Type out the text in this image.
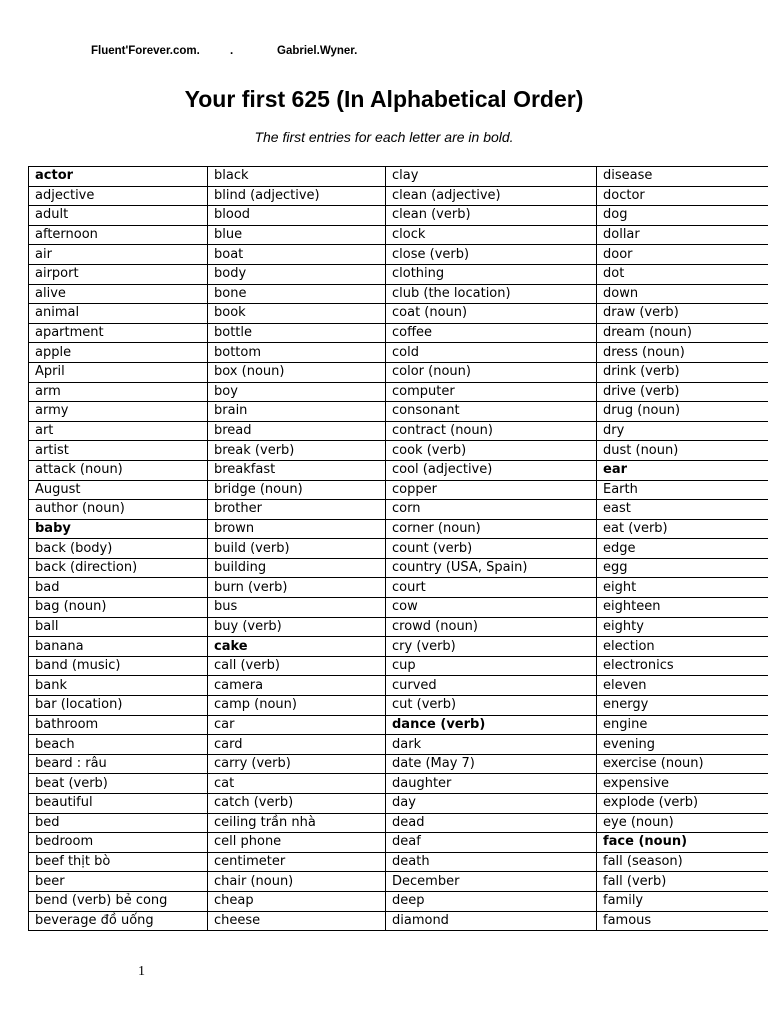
Fluent'Forever.com.

	.

	Gabriel.Wyner.

Your first 625 (In Alphabetical Order)
The first entries for each letter are in bold.
actor	black	clay	disease
adjective	blind (adjective)	clean (adjective)	doctor
adult	blood	clean (verb)	dog
afternoon	blue	clock	dollar
air	boat	close (verb)	door
airport	body	clothing	dot
alive	bone	club (the location)	down
animal	book	coat (noun)	draw (verb)
apartment	bottle	coffee	dream (noun)
apple	bottom	cold	dress (noun)
April	box (noun)	color (noun)	drink (verb)
arm	boy	computer	drive (verb)
army	brain	consonant	drug (noun)
art	bread	contract (noun)	dry
artist	break (verb)	cook (verb)	dust (noun)
attack (noun)	breakfast	cool (adjective)	ear
August	bridge (noun)	copper	Earth
author (noun)	brother	corn	east
baby	brown	corner (noun)	eat (verb)
back (body)	build (verb)	count (verb)	edge
back (direction)	building	country (USA, Spain)	egg
bad	burn (verb)	court	eight
bag (noun)	bus	cow	eighteen
ball	buy (verb)	crowd (noun)	eighty
banana	cake	cry (verb)	election
band (music)	call (verb)	cup	electronics
bank	camera	curved	eleven
bar (location)	camp (noun)	cut (verb)	energy
bathroom	car	dance (verb)	engine
beach	card	dark	evening
beard : râu	carry (verb)	date (May 7)	exercise (noun)
beat (verb)	cat	daughter	expensive
beautiful	catch (verb)	day	explode (verb)
bed	ceiling trần nhà	dead	eye (noun)
bedroom	cell phone	deaf	face (noun)
beef thịt bò	centimeter	death	fall (season)
beer	chair (noun)	December	fall (verb)
bend (verb) bẻ cong	cheap	deep	family
beverage đồ uống	cheese	diamond	famous
1
